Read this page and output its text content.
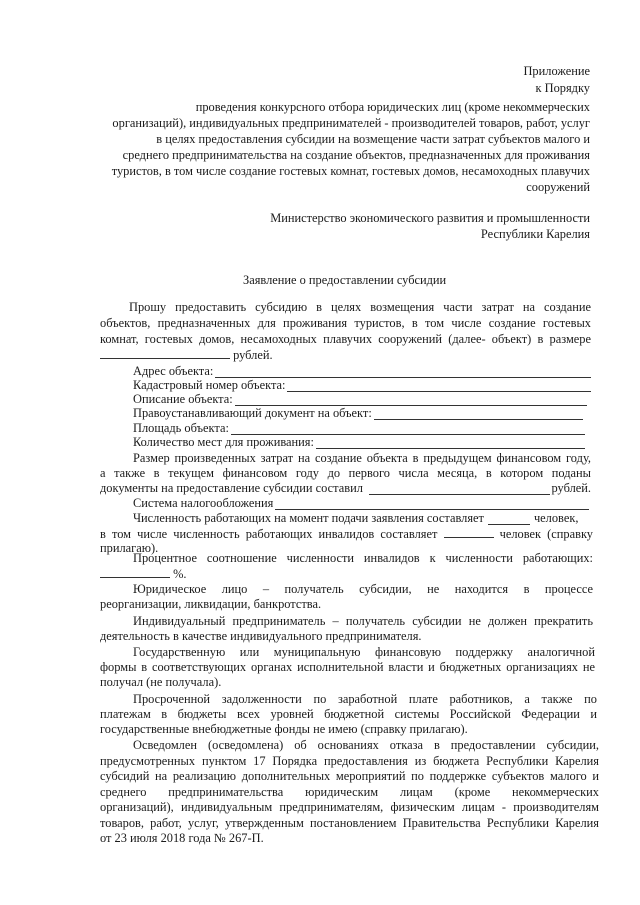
Приложение
к Порядку
проведения конкурсного отбора юридических лиц (кроме некоммерческих
организаций), индивидуальных предпринимателей - производителей товаров, работ, услуг
в целях предоставления субсидии на возмещение части затрат субъектов малого и
среднего предпринимательства на создание объектов, предназначенных для проживания
туристов, в том числе создание гостевых комнат, гостевых домов, несамоходных плавучих
сооружений
Министерство экономического развития и промышленности
Республики Карелия
Заявление о предоставлении субсидии
Прошу предоставить субсидию в целях возмещения части затрат на создание
объектов, предназначенных для проживания туристов, в том числе создание гостевых
комнат, гостевых домов, несамоходных плавучих сооружений (далее- объект) в размере
рублей.
Адрес объекта:
Кадастровый номер объекта:
Описание объекта:
Правоустанавливающий документ на объект:
Площадь объекта:
Количество мест для проживания:
Размер произведенных затрат на создание объекта в предыдущем финансовом году,
а также в текущем финансовом году до первого числа месяца, в котором поданы
документы на предоставление субсидии составил	рублей.
Система налогообложения
Численность работающих на момент подачи заявления составляет	человек,
в том числе численность работающих инвалидов составляет	человек (справку
прилагаю).
Процентное соотношение численности инвалидов к численности работающих:
%.
Юридическое лицо – получатель субсидии, не находится в процессе
реорганизации, ликвидации, банкротства.
Индивидуальный предприниматель – получатель субсидии не должен прекратить
деятельность в качестве индивидуального предпринимателя.
Государственную или муниципальную финансовую поддержку аналогичной
формы в соответствующих органах исполнительной власти и бюджетных организациях не
получал (не получала).
Просроченной задолженности по заработной плате работников, а также по
платежам в бюджеты всех уровней бюджетной системы Российской Федерации и
государственные внебюджетные фонды не имею (справку прилагаю).
Осведомлен (осведомлена) об основаниях отказа в предоставлении субсидии,
предусмотренных пунктом 17 Порядка предоставления из бюджета Республики Карелия
субсидий на реализацию дополнительных мероприятий по поддержке субъектов малого и
среднего предпринимательства юридическим лицам (кроме некоммерческих
организаций), индивидуальным предпринимателям, физическим лицам - производителям
товаров, работ, услуг, утвержденным постановлением Правительства Республики Карелия
от 23 июля 2018 года № 267-П.
